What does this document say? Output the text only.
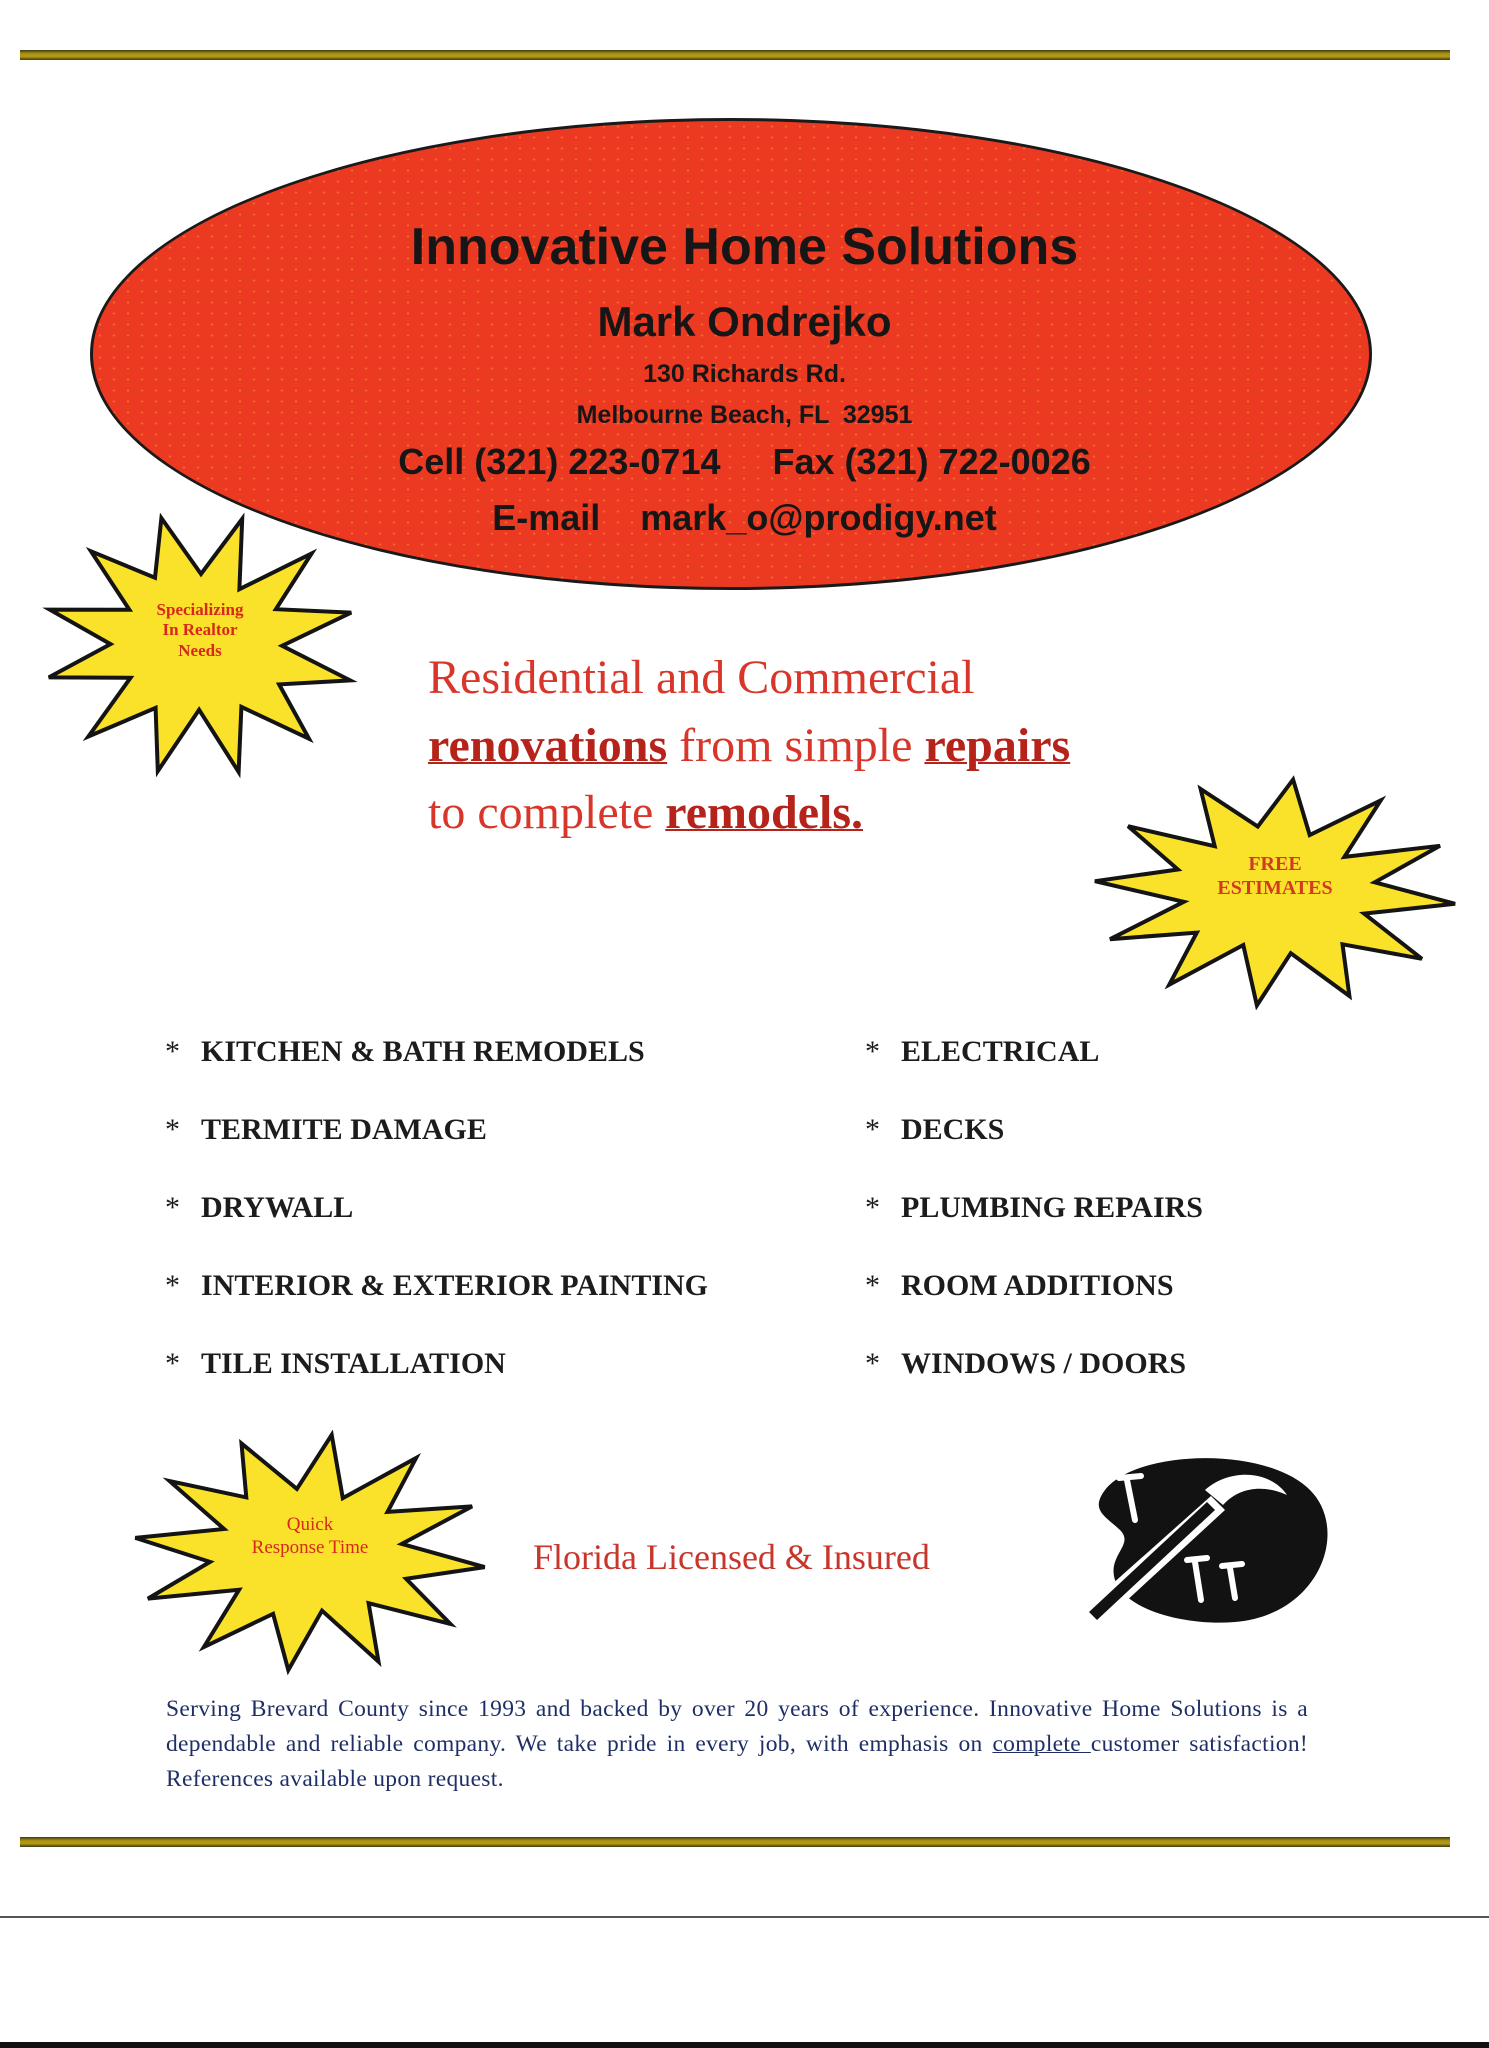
Innovative Home Solutions
Mark Ondrejko
130 Richards Rd.
Melbourne Beach, FL  32951
Cell (321) 223-0714 Fax (321) 722-0026
E-mail mark_o@prodigy.net
Specializing
In Realtor
Needs
FREE
ESTIMATES
Quick
Response Time
Residential and Commercial
renovations from simple repairs
to complete remodels.
* KITCHEN & BATH REMODELS
* TERMITE DAMAGE
* DRYWALL
* INTERIOR & EXTERIOR PAINTING
* TILE INSTALLATION
* ELECTRICAL
* DECKS
* PLUMBING REPAIRS
* ROOM ADDITIONS
* WINDOWS / DOORS
Florida Licensed & Insured
Serving Brevard County since 1993 and backed by over 20 years of experience. Innovative Home Solutions is a dependable and reliable company. We take pride in every job, with emphasis on complete customer satisfaction! References available upon request.
